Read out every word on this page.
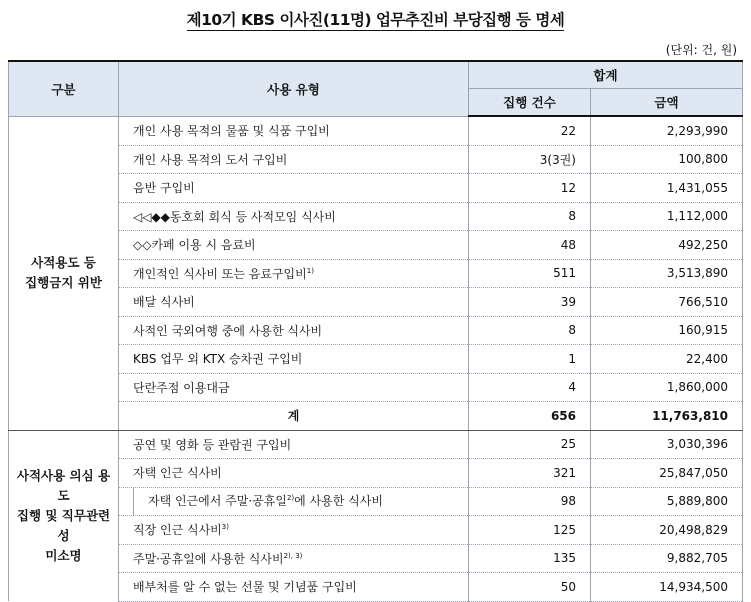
제10기 KBS 이사진(11명) 업무추진비 부당집행 등 명세
(단위: 건, 원)
구분	사용 유형	합계	
		집행 건수	금액

사적용도 등
집행금지 위반	개인 사용 목적의 물품 및 식품 구입비	22	2,293,990
	개인 사용 목적의 도서 구입비	3(3권)	100,800
	음반 구입비	12	1,431,055
	◁◁◆◆동호회 회식 등 사적모임 식사비	8	1,112,000
	◇◇카페 이용 시 음료비	48	492,250
	개인적인 식사비 또는 음료구입비$^{1)}$	511	3,513,890
	배달 식사비	39	766,510
	사적인 국외여행 중에 사용한 식사비	8	160,915
	KBS 업무 외 KTX 승차권 구입비	1	22,400
	단란주점 이용대금	4	1,860,000
	계	656	11,763,810

사적사용 의심 용도
집행 및 직무관련성
미소명	공연 및 영화 등 관람권 구입비	25	3,030,396
	자택 인근 식사비	321	25,847,050
	자택 인근에서 주말·공휴일$^{2)}$에 사용한 식사비	98	5,889,800
	직장 인근 식사비$^{3)}$	125	20,498,829
	주말·공휴일에 사용한 식사비$^{2), 3)}$	135	9,882,705
	배부처를 알 수 없는 선물 및 기념품 구입비	50	14,934,500
